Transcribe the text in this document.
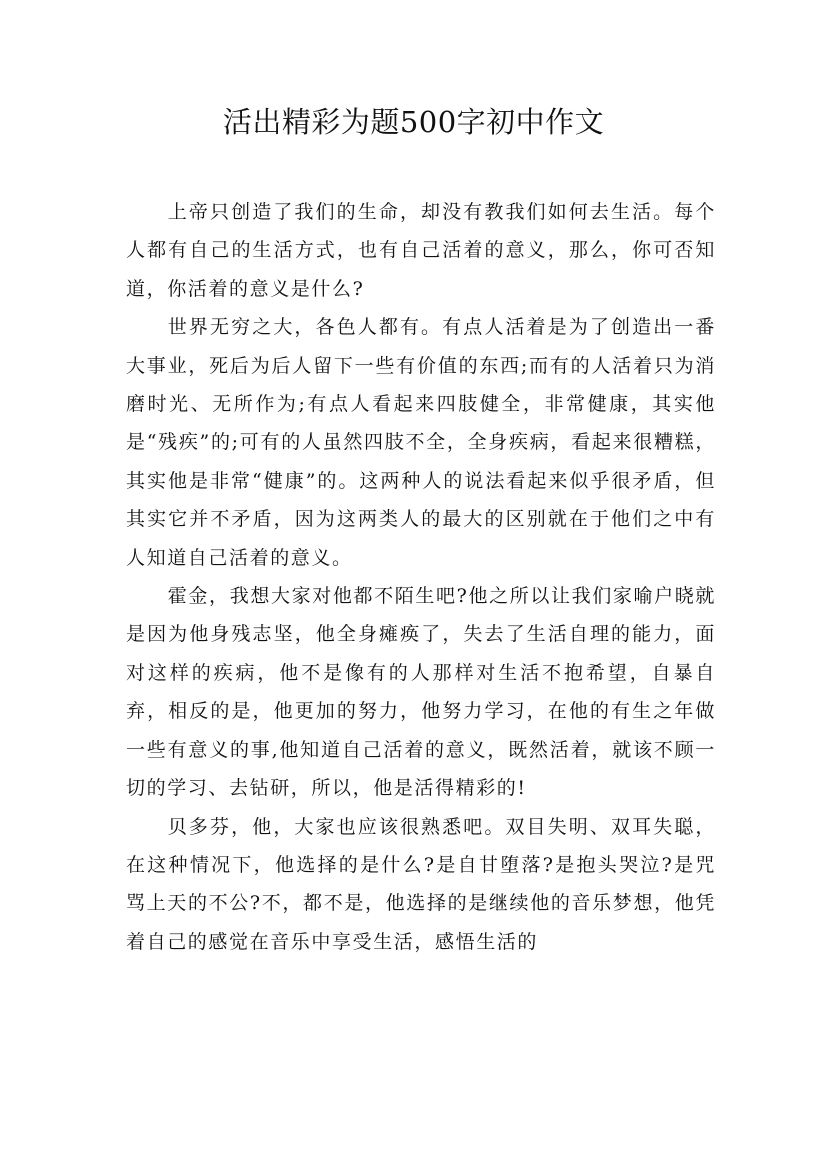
活出精彩为题500字初中作文

上帝只创造了我们的生命，却没有教我们如何去生活。每个人都有自己的生活方式，也有自己活着的意义，那么，你可否知道，你活着的意义是什么?

世界无穷之大，各色人都有。有点人活着是为了创造出一番大事业，死后为后人留下一些有价值的东西;而有的人活着只为消磨时光、无所作为;有点人看起来四肢健全，非常健康，其实他是“残疾”的;可有的人虽然四肢不全，全身疾病，看起来很糟糕，其实他是非常“健康”的。这两种人的说法看起来似乎很矛盾，但其实它并不矛盾，因为这两类人的最大的区别就在于他们之中有人知道自己活着的意义。

霍金，我想大家对他都不陌生吧?他之所以让我们家喻户晓就是因为他身残志坚，他全身瘫痪了，失去了生活自理的能力，面对这样的疾病，他不是像有的人那样对生活不抱希望，自暴自弃，相反的是，他更加的努力，他努力学习，在他的有生之年做一些有意义的事,他知道自己活着的意义，既然活着，就该不顾一切的学习、去钻研，所以，他是活得精彩的!

贝多芬，他，大家也应该很熟悉吧。双目失明、双耳失聪，在这种情况下，他选择的是什么?是自甘堕落?是抱头哭泣?是咒骂上天的不公?不，都不是，他选择的是继续他的音乐梦想，他凭着自己的感觉在音乐中享受生活，感悟生活的
